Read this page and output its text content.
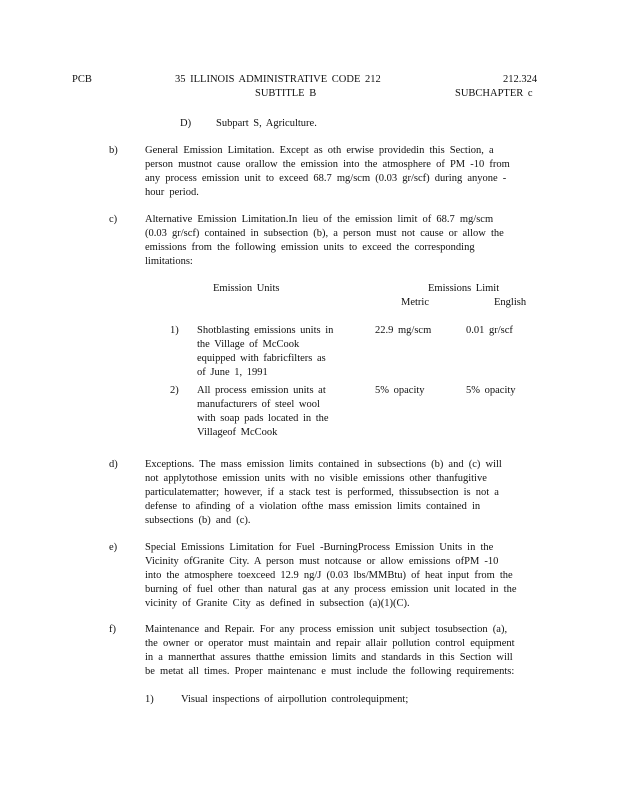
PCB	35 ILLINOIS ADMINISTRATIVE CODE 212
SUBTITLE B
212.324
SUBCHAPTER c
D) Subpart S, Agriculture.
b)	General Emission Limitation. Except as oth erwise providedin this Section, a
person mustnot cause orallow the emission into the atmosphere of PM -10 from
any process emission unit to exceed 68.7 mg/scm (0.03 gr/scf) during anyone -
hour period.
c)	Alternative Emission Limitation.In lieu of the emission limit of 68.7 mg/scm
(0.03 gr/scf) contained in subsection (b), a person must not cause or allow the
emissions from the following emission units to exceed the corresponding
limitations:
Emission Units	Emissions Limit
Metric	English
1) Shotblasting emissions units in
the Village of McCook
equipped with fabricfilters as
of June 1, 1991
22.9 mg/scm	0.01 gr/scf
2) All process emission units at
manufacturers of steel wool
with soap pads located in the
Villageof McCook
5% opacity	5% opacity
d)	Exceptions. The mass emission limits contained in subsections (b) and (c) will
not applytothose emission units with no visible emissions other thanfugitive
particulatematter; however, if a stack test is performed, thissubsection is not a
defense to afinding of a violation ofthe mass emission limits contained in
subsections (b) and (c).
e)	Special Emissions Limitation for Fuel -BurningProcess Emission Units in the
Vicinity ofGranite City. A person must notcause or allow emissions ofPM -10
into the atmosphere toexceed 12.9 ng/J (0.03 lbs/MMBtu) of heat input from the
burning of fuel other than natural gas at any process emission unit located in the
vicinity of Granite City as defined in subsection (a)(1)(C).
f)	Maintenance and Repair. For any process emission unit subject tosubsection (a),
the owner or operator must maintain and repair allair pollution control equipment
in a mannerthat assures thatthe emission limits and standards in this Section will
be metat all times. Proper maintenanc e must include the following requirements:
1)	Visual inspections of airpollution controlequipment;
